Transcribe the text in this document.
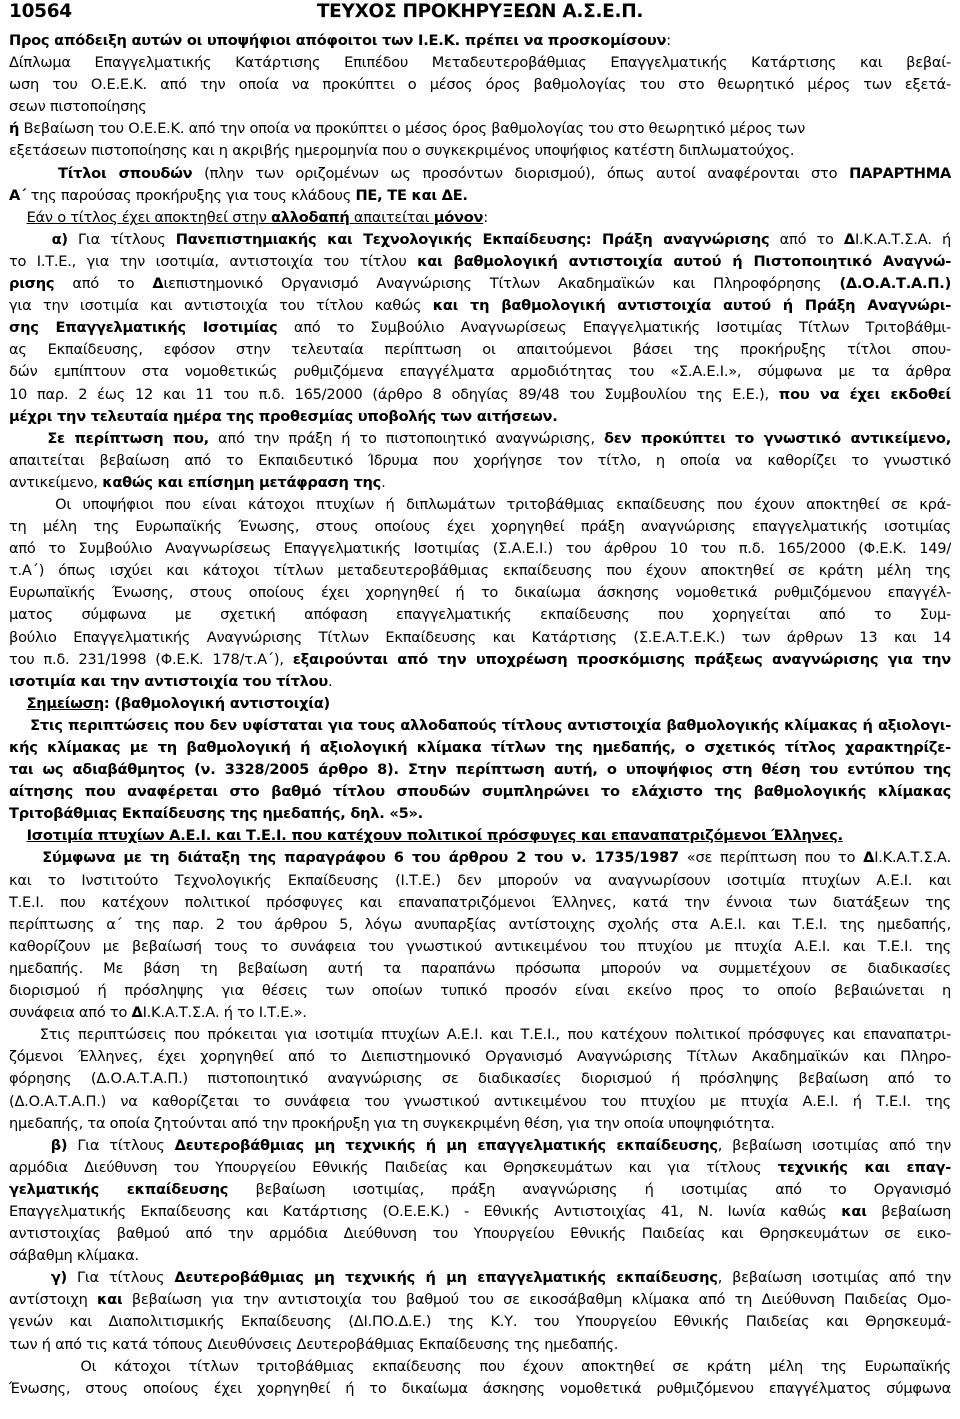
10564	ΤΕΥΧΟΣ ΠΡΟΚΗΡΥΞΕΩΝ Α.Σ.Ε.Π.
Προς απόδειξη αυτών οι υποψήφιοι απόφοιτοι των Ι.Ε.Κ. πρέπει να προσκομίσουν:
Δίπλωμα Επαγγελματικής Κατάρτισης Επιπέδου Μεταδευτεροβάθμιας Επαγγελματικής Κατάρτισης και βεβαί-
ωση του Ο.Ε.Ε.Κ. από την οποία να προκύπτει ο μέσος όρος βαθμολογίας του στο θεωρητικό μέρος των εξετά-
σεων πιστοποίησης
ή Βεβαίωση του Ο.Ε.Ε.Κ. από την οποία να προκύπτει ο μέσος όρος βαθμολογίας του στο θεωρητικό μέρος των
εξετάσεων πιστοποίησης και η ακριβής ημερομηνία που ο συγκεκριμένος υποψήφιος κατέστη διπλωματούχος.
Τίτλοι σπουδών (πλην των οριζομένων ως προσόντων διορισμού), όπως αυτοί αναφέρονται στο ΠΑΡΑΡΤΗΜΑ
Α΄ της παρούσας προκήρυξης για τους κλάδους ΠΕ, ΤΕ και ΔΕ.
Εάν ο τίτλος έχει αποκτηθεί στην αλλοδαπή απαιτείται μόνον:
α) Για τίτλους Πανεπιστημιακής και Τεχνολογικής Εκπαίδευσης: Πράξη αναγνώρισης από το ΔΙ.Κ.Α.Τ.Σ.Α. ή
το Ι.Τ.Ε., για την ισοτιμία, αντιστοιχία του τίτλου και βαθμολογική αντιστοιχία αυτού ή Πιστοποιητικό Αναγνώ-
ρισης από το Διεπιστημονικό Οργανισμό Αναγνώρισης Τίτλων Ακαδημαϊκών και Πληροφόρησης (Δ.Ο.Α.Τ.Α.Π.)
για την ισοτιμία και αντιστοιχία του τίτλου καθώς και τη βαθμολογική αντιστοιχία αυτού ή Πράξη Αναγνώρι-
σης Επαγγελματικής Ισοτιμίας από το Συμβούλιο Αναγνωρίσεως Επαγγελματικής Ισοτιμίας Τίτλων Τριτοβάθμι-
ας Εκπαίδευσης, εφόσον στην τελευταία περίπτωση οι απαιτούμενοι βάσει της προκήρυξης τίτλοι σπου-
δών εμπίπτουν στα νομοθετικώς ρυθμιζόμενα επαγγέλματα αρμοδιότητας του «Σ.Α.Ε.Ι.», σύμφωνα με τα άρθρα
10 παρ. 2 έως 12 και 11 του π.δ. 165/2000 (άρθρο 8 οδηγίας 89/48 του Συμβουλίου της Ε.Ε.), που να έχει εκδοθεί
μέχρι την τελευταία ημέρα της προθεσμίας υποβολής των αιτήσεων.
Σε περίπτωση που, από την πράξη ή το πιστοποιητικό αναγνώρισης, δεν προκύπτει το γνωστικό αντικείμενο,
απαιτείται βεβαίωση από το Εκπαιδευτικό Ίδρυμα που χορήγησε τον τίτλο, η οποία να καθορίζει το γνωστικό
αντικείμενο, καθώς και επίσημη μετάφραση της.
Οι υποψήφιοι που είναι κάτοχοι πτυχίων ή διπλωμάτων τριτοβάθμιας εκπαίδευσης που έχουν αποκτηθεί σε κρά-
τη μέλη της Ευρωπαϊκής Ένωσης, στους οποίους έχει χορηγηθεί πράξη αναγνώρισης επαγγελματικής ισοτιμίας
από το Συμβούλιο Αναγνωρίσεως Επαγγελματικής Ισοτιμίας (Σ.Α.Ε.Ι.) του άρθρου 10 του π.δ. 165/2000 (Φ.Ε.Κ. 149/
τ.Α΄) όπως ισχύει και κάτοχοι τίτλων μεταδευτεροβάθμιας εκπαίδευσης που έχουν αποκτηθεί σε κράτη μέλη της
Ευρωπαϊκής Ένωσης, στους οποίους έχει χορηγηθεί ή το δικαίωμα άσκησης νομοθετικά ρυθμιζόμενου επαγγέλ-
ματος σύμφωνα με σχετική απόφαση επαγγελματικής εκπαίδευσης που χορηγείται από το Συμ-
βούλιο Επαγγελματικής Αναγνώρισης Τίτλων Εκπαίδευσης και Κατάρτισης (Σ.Ε.Α.Τ.Ε.Κ.) των άρθρων 13 και 14
του π.δ. 231/1998 (Φ.Ε.Κ. 178/τ.Α΄), εξαιρούνται από την υποχρέωση προσκόμισης πράξεως αναγνώρισης για την
ισοτιμία και την αντιστοιχία του τίτλου.
Σημείωση: (βαθμολογική αντιστοιχία)
Στις περιπτώσεις που δεν υφίσταται για τους αλλοδαπούς τίτλους αντιστοιχία βαθμολογικής κλίμακας ή αξιολογι-
κής κλίμακας με τη βαθμολογική ή αξιολογική κλίμακα τίτλων της ημεδαπής, ο σχετικός τίτλος χαρακτηρίζε-
ται ως αδιαβάθμητος (ν. 3328/2005 άρθρο 8). Στην περίπτωση αυτή, ο υποψήφιος στη θέση του εντύπου της
αίτησης που αναφέρεται στο βαθμό τίτλου σπουδών συμπληρώνει το ελάχιστο της βαθμολογικής κλίμακας
Τριτοβάθμιας Εκπαίδευσης της ημεδαπής, δηλ. «5».
Ισοτιμία πτυχίων Α.Ε.Ι. και Τ.Ε.Ι. που κατέχουν πολιτικοί πρόσφυγες και επαναπατριζόμενοι Έλληνες.
Σύμφωνα με τη διάταξη της παραγράφου 6 του άρθρου 2 του ν. 1735/1987 «σε περίπτωση που το ΔΙ.Κ.Α.Τ.Σ.Α.
και το Ινστιτούτο Τεχνολογικής Εκπαίδευσης (Ι.Τ.Ε.) δεν μπορούν να αναγνωρίσουν ισοτιμία πτυχίων Α.Ε.Ι. και
Τ.Ε.Ι. που κατέχουν πολιτικοί πρόσφυγες και επαναπατριζόμενοι Έλληνες, κατά την έννοια των διατάξεων της
περίπτωσης α΄ της παρ. 2 του άρθρου 5, λόγω ανυπαρξίας αντίστοιχης σχολής στα Α.Ε.Ι. και Τ.Ε.Ι. της ημεδαπής,
καθορίζουν με βεβαίωσή τους το συνάφεια του γνωστικού αντικειμένου του πτυχίου με πτυχία Α.Ε.Ι. και Τ.Ε.Ι. της
ημεδαπής. Με βάση τη βεβαίωση αυτή τα παραπάνω πρόσωπα μπορούν να συμμετέχουν σε διαδικασίες
διορισμού ή πρόσληψης για θέσεις των οποίων τυπικό προσόν είναι εκείνο προς το οποίο βεβαιώνεται η
συνάφεια από το ΔΙ.Κ.Α.Τ.Σ.Α. ή το Ι.Τ.Ε.».
Στις περιπτώσεις που πρόκειται για ισοτιμία πτυχίων Α.Ε.Ι. και Τ.Ε.Ι., που κατέχουν πολιτικοί πρόσφυγες και επαναπατρι-
ζόμενοι Έλληνες, έχει χορηγηθεί από το Διεπιστημονικό Οργανισμό Αναγνώρισης Τίτλων Ακαδημαϊκών και Πληρο-
φόρησης (Δ.Ο.Α.Τ.Α.Π.) πιστοποιητικό αναγνώρισης σε διαδικασίες διορισμού ή πρόσληψης βεβαίωση από το
(Δ.Ο.Α.Τ.Α.Π.) να καθορίζεται το συνάφεια του γνωστικού αντικειμένου του πτυχίου με πτυχία Α.Ε.Ι. ή Τ.Ε.Ι. της
ημεδαπής, τα οποία ζητούνται από την προκήρυξη για τη συγκεκριμένη θέση, για την οποία υποψηφιότητα.
β) Για τίτλους Δευτεροβάθμιας μη τεχνικής ή μη επαγγελματικής εκπαίδευσης, βεβαίωση ισοτιμίας από την
αρμόδια Διεύθυνση του Υπουργείου Εθνικής Παιδείας και Θρησκευμάτων και για τίτλους τεχνικής και επαγ-
γελματικής εκπαίδευσης βεβαίωση ισοτιμίας, πράξη αναγνώρισης ή ισοτιμίας από το Οργανισμό
Επαγγελματικής Εκπαίδευσης και Κατάρτισης (Ο.Ε.Ε.Κ.) - Εθνικής Αντιστοιχίας 41, Ν. Ιωνία καθώς και βεβαίωση
αντιστοιχίας βαθμού από την αρμόδια Διεύθυνση του Υπουργείου Εθνικής Παιδείας και Θρησκευμάτων σε εικο-
σάβαθμη κλίμακα.
γ) Για τίτλους Δευτεροβάθμιας μη τεχνικής ή μη επαγγελματικής εκπαίδευσης, βεβαίωση ισοτιμίας από την
αντίστοιχη και βεβαίωση για την αντιστοιχία του βαθμού του σε εικοσάβαθμη κλίμακα από τη Διεύθυνση Παιδείας Ομο-
γενών και Διαπολιτισμικής Εκπαίδευσης (ΔΙ.ΠΟ.Δ.Ε.) της Κ.Υ. του Υπουργείου Εθνικής Παιδείας και Θρησκευμά-
των ή από τις κατά τόπους Διευθύνσεις Δευτεροβάθμιας Εκπαίδευσης της ημεδαπής.
Οι κάτοχοι τίτλων τριτοβάθμιας εκπαίδευσης που έχουν αποκτηθεί σε κράτη μέλη της Ευρωπαϊκής
Ένωσης, στους οποίους έχει χορηγηθεί ή το δικαίωμα άσκησης νομοθετικά ρυθμιζόμενου επαγγέλματος σύμφωνα
